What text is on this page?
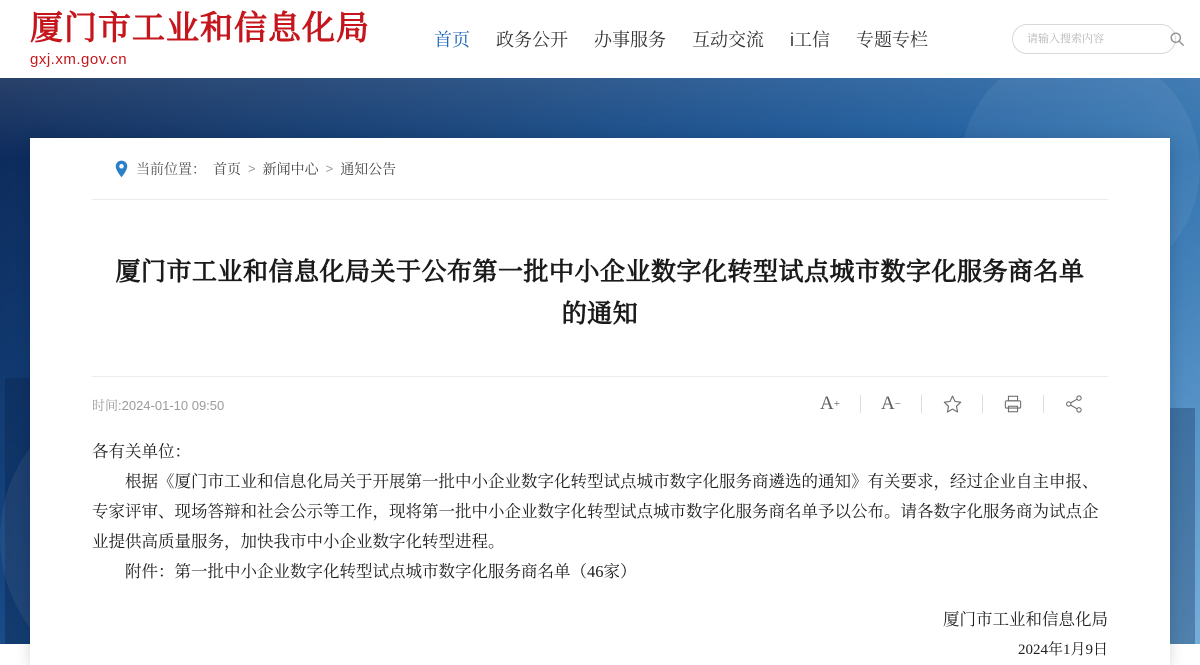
厦门市工业和信息化局
gxj.xm.gov.cn
首页 政务公开 办事服务 互动交流 i工信 专题专栏
请输入搜索内容
当前位置： 首页 > 新闻中心 > 通知公告
厦门市工业和信息化局关于公布第一批中小企业数字化转型试点城市数字化服务商名单的通知
时间:2024-01-10 09:50	A + A −

各有关单位：

根据《厦门市工业和信息化局关于开展第一批中小企业数字化转型试点城市数字化服务商遴选的通知》有关要求，经过企业自主申报、专家评审、现场答辩和社会公示等工作，现将第一批中小企业数字化转型试点城市数字化服务商名单予以公布。请各数字化服务商为试点企业提供高质量服务，加快我市中小企业数字化转型进程。

附件：第一批中小企业数字化转型试点城市数字化服务商名单（46家）

厦门市工业和信息化局
2024年1月9日
